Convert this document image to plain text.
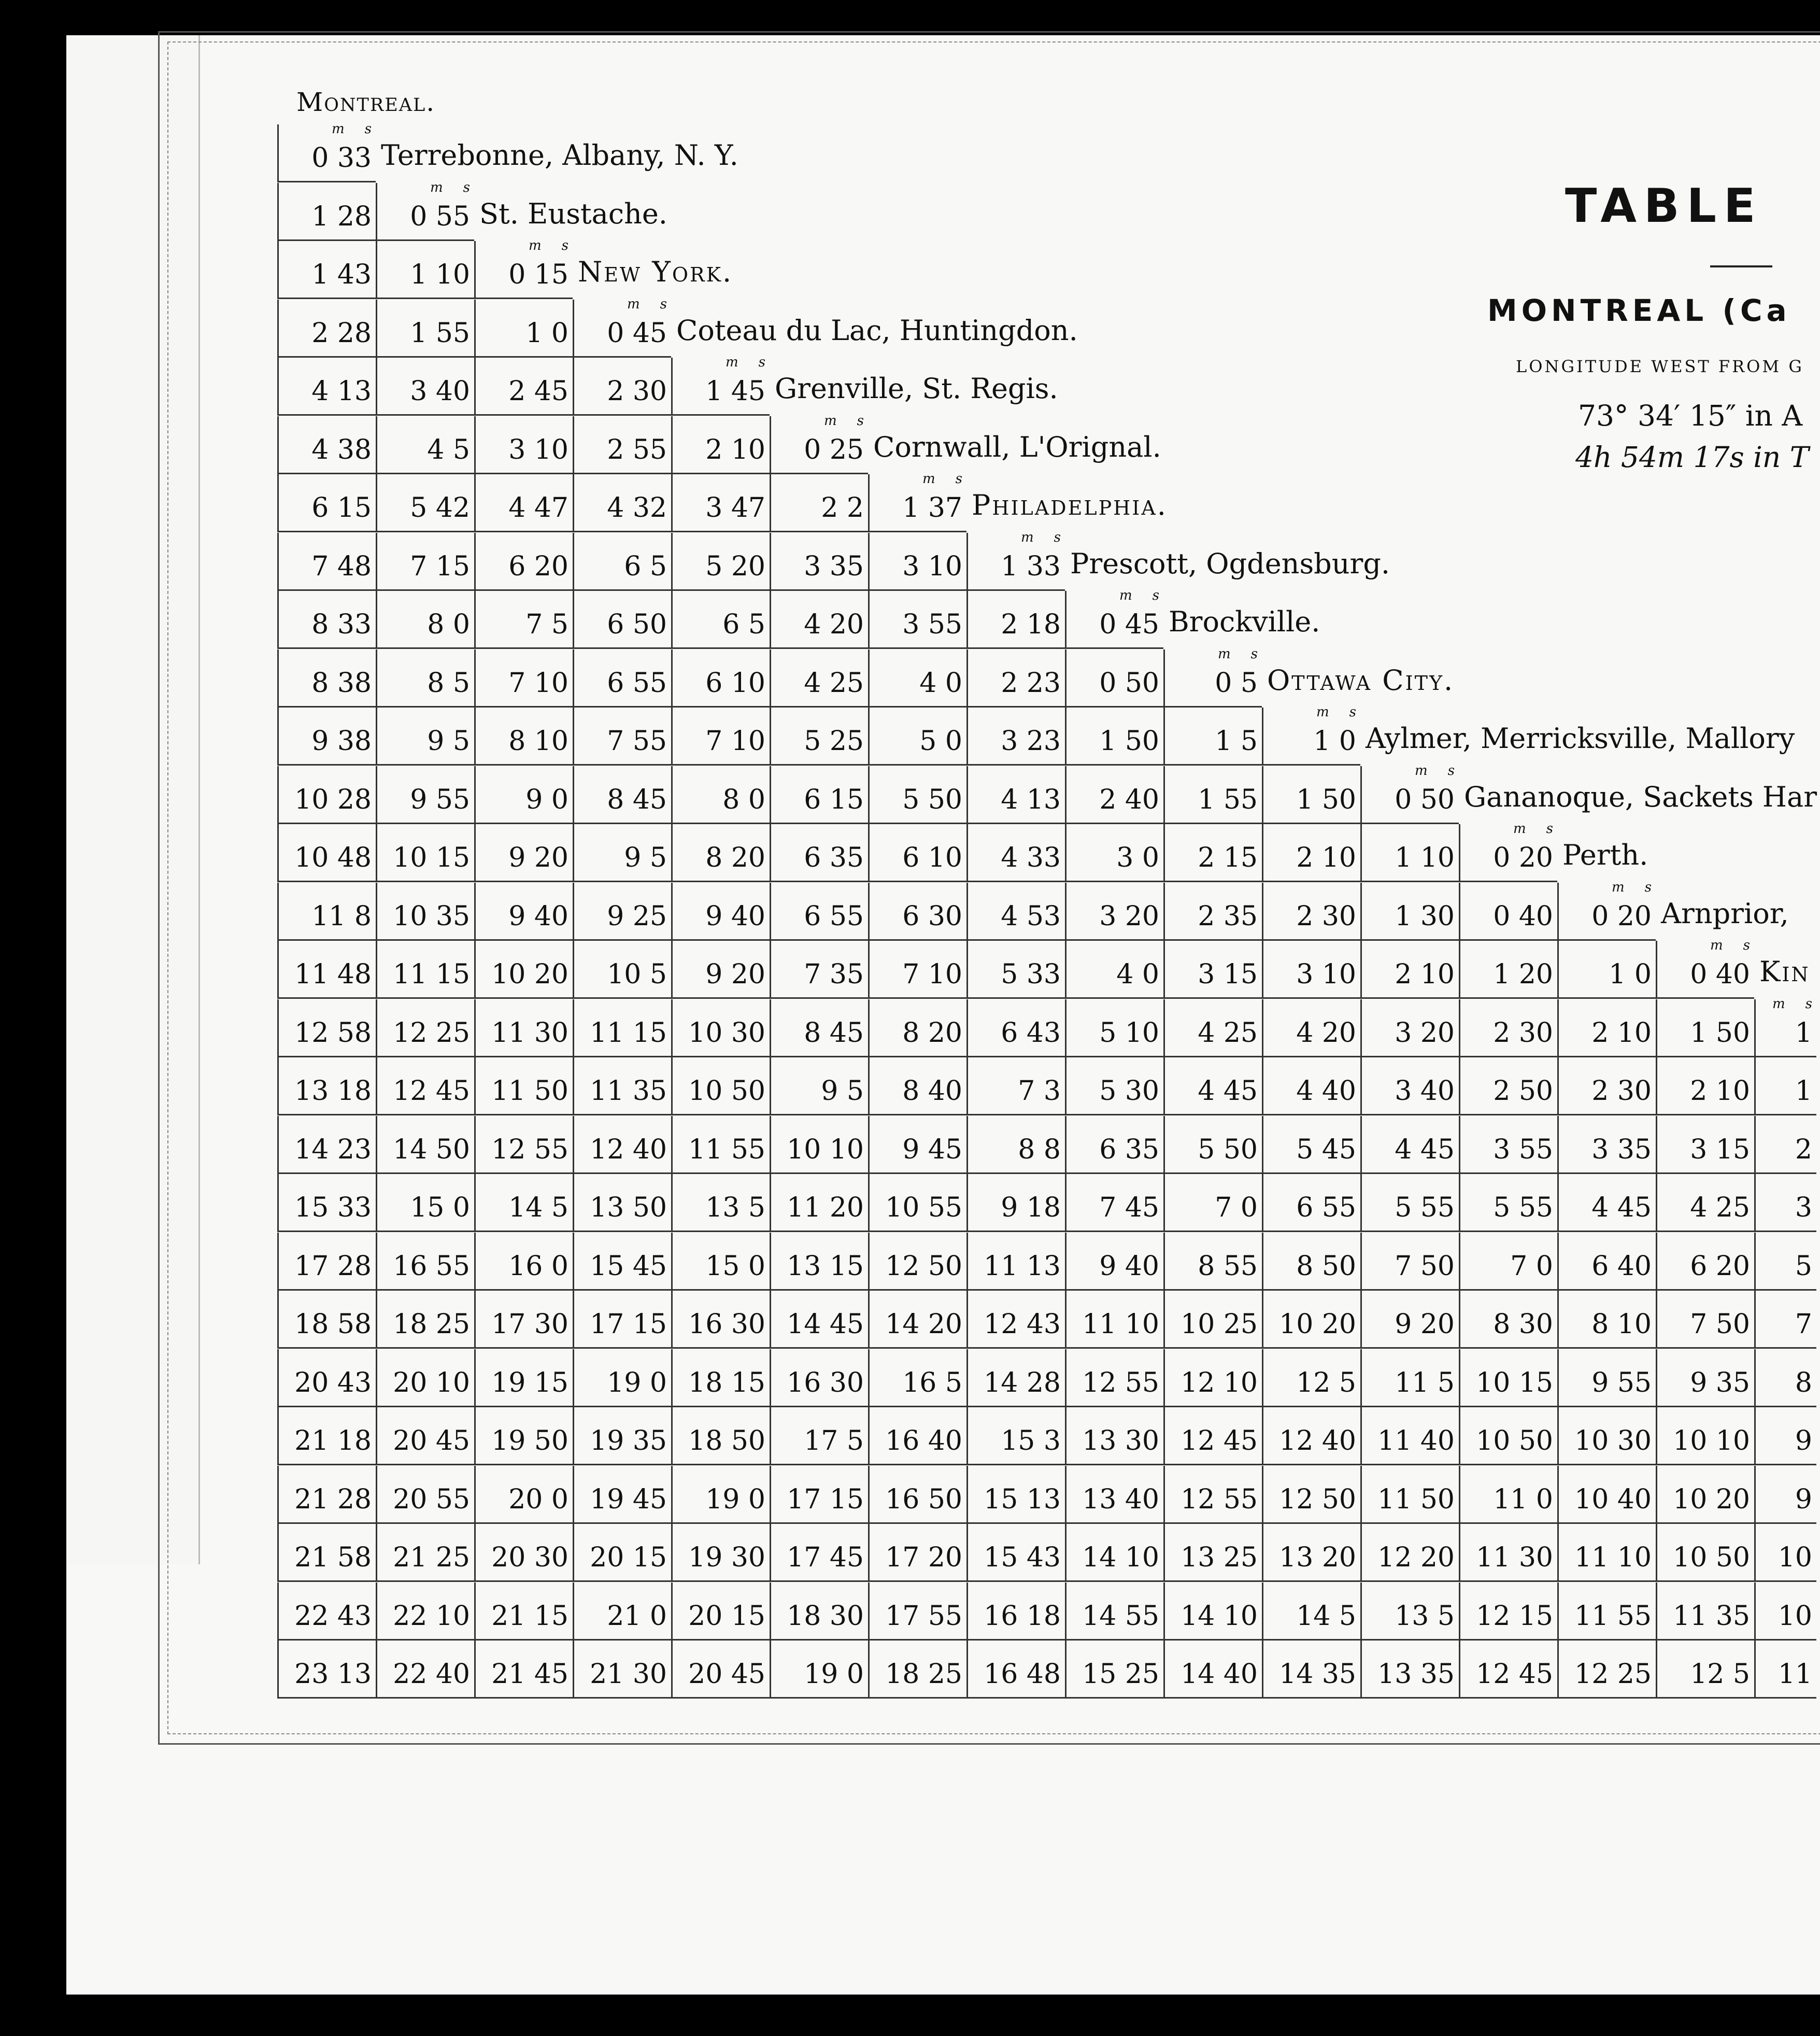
Montreal.
TABLE
MONTREAL (Ca
LONGITUDE WEST FROM G
73° 34′ 15″ in A
4h 54m 17s in T
0 33
m  s
Terrebonne, Albany, N. Y.
1 28 0 55
m  s
St. Eustache.
1 43 1 10 0 15
m  s
New York.
2 28 1 55 1 0 0 45
m  s
Coteau du Lac, Huntingdon.
4 13 3 40 2 45 2 30 1 45
m  s
Grenville, St. Regis.
4 38 4 5 3 10 2 55 2 10 0 25
m  s
Cornwall, L'Orignal.
6 15 5 42 4 47 4 32 3 47 2 2 1 37
m  s
Philadelphia.
7 48 7 15 6 20 6 5 5 20 3 35 3 10 1 33
m  s
Prescott, Ogdensburg.
8 33 8 0 7 5 6 50 6 5 4 20 3 55 2 18 0 45
m  s
Brockville.
8 38 8 5 7 10 6 55 6 10 4 25 4 0 2 23 0 50 0 5
m  s
Ottawa City.
9 38 9 5 8 10 7 55 7 10 5 25 5 0 3 23 1 50 1 5 1 0
m  s
Aylmer, Merricksville, Mallory
10 28 9 55 9 0 8 45 8 0 6 15 5 50 4 13 2 40 1 55 1 50 0 50
m  s
Gananoque, Sackets Har
10 48 10 15 9 20 9 5 8 20 6 35 6 10 4 33 3 0 2 15 2 10 1 10 0 20
m  s
Perth.
11 8 10 35 9 40 9 25 9 40 6 55 6 30 4 53 3 20 2 35 2 30 1 30 0 40 0 20
m  s
Arnprior,
11 48 11 15 10 20 10 5 9 20 7 35 7 10 5 33 4 0 3 15 3 10 2 10 1 20 1 0 0 40
m  s
Kin
12 58 12 25 11 30 11 15 10 30 8 45 8 20 6 43 5 10 4 25 4 20 3 20 2 30 2 10 1 50 1
m  s
13 18 12 45 11 50 11 35 10 50 9 5 8 40 7 3 5 30 4 45 4 40 3 40 2 50 2 30 2 10 1
14 23 14 50 12 55 12 40 11 55 10 10 9 45 8 8 6 35 5 50 5 45 4 45 3 55 3 35 3 15 2
15 33 15 0 14 5 13 50 13 5 11 20 10 55 9 18 7 45 7 0 6 55 5 55 5 55 4 45 4 25 3
17 28 16 55 16 0 15 45 15 0 13 15 12 50 11 13 9 40 8 55 8 50 7 50 7 0 6 40 6 20 5
18 58 18 25 17 30 17 15 16 30 14 45 14 20 12 43 11 10 10 25 10 20 9 20 8 30 8 10 7 50 7
20 43 20 10 19 15 19 0 18 15 16 30 16 5 14 28 12 55 12 10 12 5 11 5 10 15 9 55 9 35 8
21 18 20 45 19 50 19 35 18 50 17 5 16 40 15 3 13 30 12 45 12 40 11 40 10 50 10 30 10 10 9
21 28 20 55 20 0 19 45 19 0 17 15 16 50 15 13 13 40 12 55 12 50 11 50 11 0 10 40 10 20 9
21 58 21 25 20 30 20 15 19 30 17 45 17 20 15 43 14 10 13 25 13 20 12 20 11 30 11 10 10 50 10
22 43 22 10 21 15 21 0 20 15 18 30 17 55 16 18 14 55 14 10 14 5 13 5 12 15 11 55 11 35 10
23 13 22 40 21 45 21 30 20 45 19 0 18 25 16 48 15 25 14 40 14 35 13 35 12 45 12 25 12 5 11
